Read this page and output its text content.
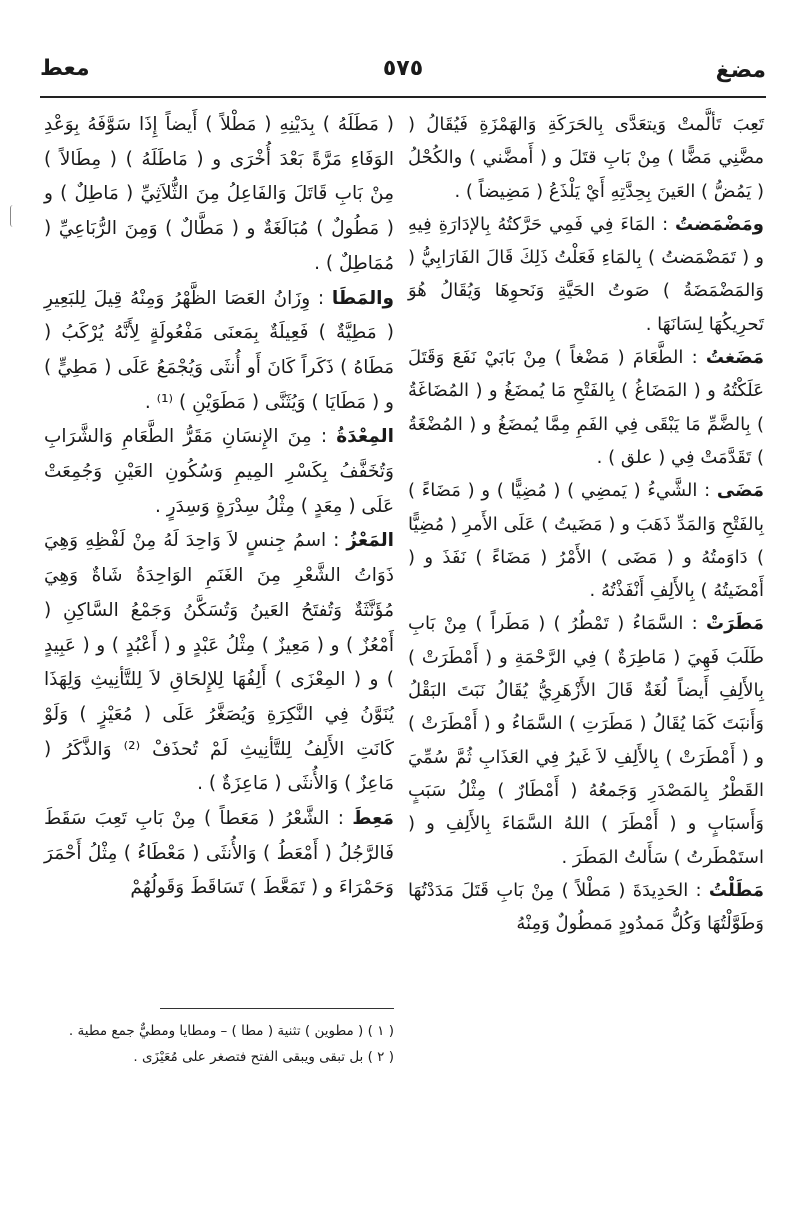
مضغ
٥٧٥
معط

تَعِبَ تَألَّمتْ وَيتعَدَّى بِالحَرَكَةِ وَالهَمْزَةِ فَيُقَالُ ( مضَّنِي مَضًّا ) مِنْ بَابِ قتَلَ و ( أَمضَّني ) والكُحْلُ ( يَمُضُّ ) العَينَ بِحِدَّتِهِ أَيْ يَلْذَعُ ( مَضِيضاً ) .

ومَضْمَضتُ : المَاءَ فِي فَمِي حَرَّكتُهُ بِالإدَارَةِ فِيهِ و ( تَمَضْمَضتُ ) بِالمَاءِ فَعَلْتُ ذَلِكَ قَالَ الفَارَابِيُّ ( وَالمَضْمَضَةُ ) صَوتُ الحَيَّةِ وَنَحوِهَا وَيُقَالُ هُوَ تَحرِيكُهَا لِسَانَهَا .

مَضَغتُ : الطَّعَامَ ( مَضْغاً ) مِنْ بَابَيْ نَفَعَ وَقَتَلَ عَلَكْتُهُ و ( المَضَاغُ ) بِالفَتْحِ مَا يُمضَغُ و ( المُضَاغَةُ ) بِالضَّمِّ مَا يَبْقَى فِي الفَمِ مِمَّا يُمضَغُ و ( المُضْغَةُ ) تَقَدَّمَتْ فِي ( علق ) .

مَضَى : الشَّيءُ ( يَمضِي ) ( مُضِيًّا ) و ( مَضَاءً ) بِالفَتْحِ وَالمَدِّ ذَهَبَ و ( مَضَيتُ ) عَلَى الأَمرِ ( مُضِيًّا ) دَاوَمتُهُ و ( مَضَى ) الأَمْرُ ( مَضَاءً ) نَفَذَ و ( أَمْضَيتُهُ ) بِالأَلِفِ أَنْفَذْتُهُ .

مَطَرَتْ : السَّمَاءُ ( تَمْطُرُ ) ( مَطَراً ) مِنْ بَابِ طَلَبَ فَهِيَ ( مَاطِرَةٌ ) فِي الرَّحْمَةِ و ( أَمْطَرَتْ ) بِالأَلِفِ أَيضاً لُغَةٌ قَالَ الأَزْهَرِيُّ يُقَالُ نَبَتَ البَقْلُ وَأَنبَتَ كَمَا يُقَالُ ( مَطَرَتِ ) السَّمَاءُ و ( أَمْطَرَتْ ) و ( أَمْطَرَتْ ) بِالأَلِفِ لاَ غَيرُ فِي العَذَابِ ثُمَّ سُمِّيَ القَطْرُ بِالمَصْدَرِ وَجَمعُهُ ( أَمْطَارٌ ) مِثْلُ سَبَبٍ وَأَسبَابٍ و ( أَمْطَرَ ) اللهُ السَّمَاءَ بِالأَلِفِ و ( استَمْطَرتُ ) سَأَلتُ المَطَرَ .

مَطَلْتُ : الحَدِيدَةَ ( مَطْلاً ) مِنْ بَابِ قَتَلَ مَدَدْتُهَا وَطَوَّلْتُهَا وَكُلُّ مَمدُودٍ مَمطُولٌ وَمِنْهُ

( مَطَلَهُ ) بِدَيْنِهِ ( مَطْلاً ) أَيضاً إِذَا سَوَّفَهُ بِوَعْدِ الوَفَاءِ مَرَّةً بَعْدَ أُخْرَى و ( مَاطَلَهُ ) ( مِطَالاً ) مِنْ بَابِ قَاتَلَ وَالفَاعِلُ مِنَ الثُّلاَثِيِّ ( مَاطِلٌ ) و ( مَطُولٌ ) مُبَالَغَةٌ و ( مَطَّالٌ ) وَمِنَ الرُّبَاعِيِّ ( مُمَاطِلٌ ) .

والمَطَا : وِزَانُ العَصَا الظَّهْرُ وَمِنْهُ قِيلَ لِلبَعِيرِ ( مَطِيَّةٌ ) فَعِيلَةٌ بِمَعنَى مَفْعُولَةٍ لِأَنَّهُ يُرْكَبُ ( مَطَاهُ ) ذَكَراً كَانَ أَو أُنثَى وَيُجْمَعُ عَلَى ( مَطِيٍّ ) و ( مَطَايَا ) وَيُثَنَّى ( مَطَوَيْنِ ) ⁽¹⁾ .

المِعْدَةُ : مِنَ الإِنسَانِ مَقَرُّ الطَّعَامِ وَالشَّرَابِ وَتُخَفَّفُ بِكَسْرِ المِيمِ وَسُكُونِ العَيْنِ وَجُمِعَتْ عَلَى ( مِعَدٍ ) مِثْلُ سِدْرَةٍ وَسِدَرٍ .

المَعْزُ : اسمُ جِنسٍ لاَ وَاحِدَ لَهُ مِنْ لَفْظِهِ وَهِيَ ذَوَاتُ الشَّعْرِ مِنَ الغَنَمِ الوَاحِدَةُ شَاةٌ وَهِيَ مُؤَنَّثَةٌ وَتُفتَحُ العَينُ وَتُسَكَّنُ وَجَمْعُ السَّاكِنِ ( أَمْعُزٌ ) و ( مَعِيزٌ ) مِثْلُ عَبْدٍ و ( أَعْبُدٍ ) و ( عَبِيدٍ ) و ( المِعْزَى ) أَلِفُهَا لِلإِلحَاقِ لاَ لِلتَّأنِيثِ وَلِهَذَا يُنَوَّنُ فِي النَّكِرَةِ وَيُصَغَّرُ عَلَى ( مُعَيْزٍ ) وَلَوْ كَانَتِ الأَلِفُ لِلتَّأنِيثِ لَمْ تُحذَفْ ⁽²⁾ وَالذَّكَرُ ( مَاعِزٌ ) وَالأُنثَى ( مَاعِزَةٌ ) .

مَعِطَ : الشَّعْرُ ( مَعَطاً ) مِنْ بَابِ تَعِبَ سَقَطَ فَالرَّجُلُ ( أَمْعَطُ ) وَالأُنثَى ( مَعْطَاءُ ) مِثْلُ أَحْمَرَ وَحَمْرَاءَ و ( تَمَعَّطَ ) تَسَاقَطَ وَقَولُهُمْ

( ١ ) ( مطوين ) تثنية ( مطا ) – ومطايا ومطيٌّ جمع مطية .

( ٢ ) بل تبقى ويبقى الفتح فتصغر على مُعَيْزَى .
